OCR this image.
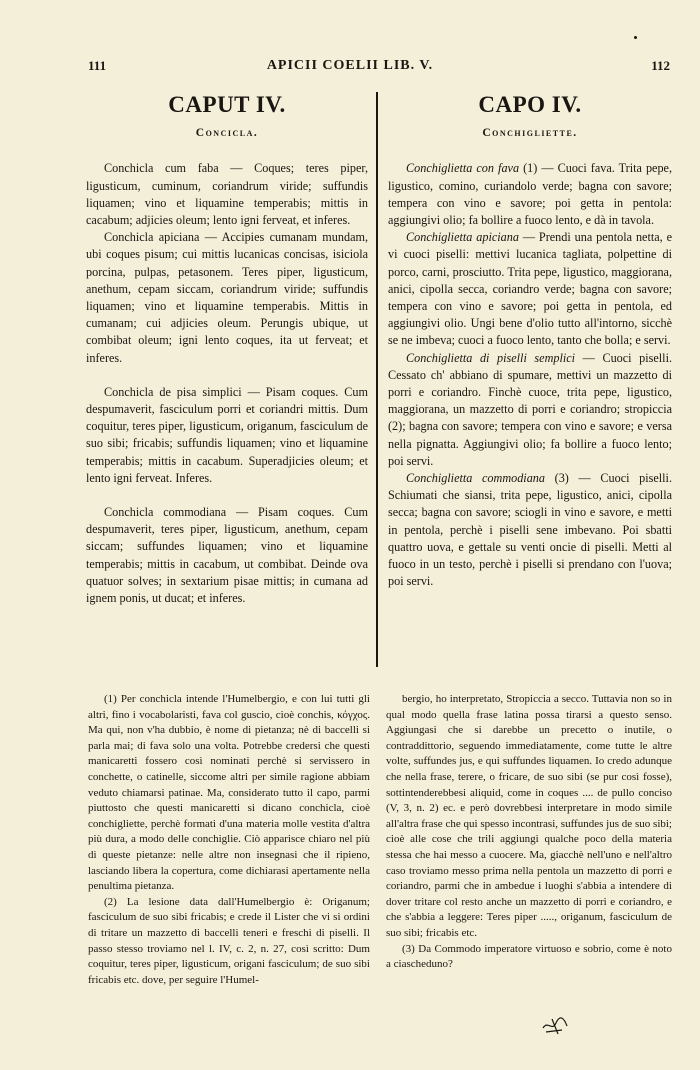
111	APICII COELII LIB. V.	112
CAPUT IV.
Concicla.

Conchicla cum faba — Coques; teres piper, ligusticum, cuminum, coriandrum viride; suffundis liquamen; vino et liquamine temperabis; mittis in cacabum; adjicies oleum; lento igni ferveat, et inferes.

Conchicla apiciana — Accipies cumanam mundam, ubi coques pisum; cui mittis lucanicas concisas, isiciola porcina, pulpas, petasonem. Teres piper, ligusticum, anethum, cepam siccam, coriandrum viride; suffundis liquamen; vino et liquamine temperabis. Mittis in cumanam; cui adjicies oleum. Perungis ubique, ut combibat oleum; igni lento coques, ita ut ferveat; et inferes.

Conchicla de pisa simplici — Pisam coques. Cum despumaverit, fasciculum porri et coriandri mittis. Dum coquitur, teres piper, ligusticum, origanum, fasciculum de suo sibi; fricabis; suffundis liquamen; vino et liquamine temperabis; mittis in cacabum. Superadjicies oleum; et lento igni ferveat. Inferes.

Conchicla commodiana — Pisam coques. Cum despumaverit, teres piper, ligusticum, anethum, cepam siccam; suffundes liquamen; vino et liquamine temperabis; mittis in cacabum, ut combibat. Deinde ova quatuor solves; in sextarium pisae mittis; in cumana ad ignem ponis, ut ducat; et inferes.

CAPO IV.
Conchigliette.

Conchiglietta con fava (1) — Cuoci fava. Trita pepe, ligustico, comino, curiandolo verde; bagna con savore; tempera con vino e savore; poi getta in pentola: aggiungivi olio; fa bollire a fuoco lento, e dà in tavola.

Conchiglietta apiciana — Prendi una pentola netta, e vi cuoci piselli: mettivi lucanica tagliata, polpettine di porco, carni, prosciutto. Trita pepe, ligustico, maggiorana, anici, cipolla secca, coriandro verde; bagna con savore; tempera con vino e savore; poi getta in pentola, ed aggiungivi olio. Ungi bene d'olio tutto all'intorno, sicchè se ne imbeva; cuoci a fuoco lento, tanto che bolla; e servi.

Conchiglietta di piselli semplici — Cuoci piselli. Cessato ch' abbiano di spumare, mettivi un mazzetto di porri e coriandro. Finchè cuoce, trita pepe, ligustico, maggiorana, un mazzetto di porri e coriandro; stropiccia (2); bagna con savore; tempera con vino e savore; e versa nella pignatta. Aggiungivi olio; fa bollire a fuoco lento; poi servi.

Conchiglietta commodiana (3) — Cuoci piselli. Schiumati che siansi, trita pepe, ligustico, anici, cipolla secca; bagna con savore; sciogli in vino e savore, e metti in pentola, perchè i piselli sene imbevano. Poi sbatti quattro uova, e gettale su venti oncie di piselli. Metti al fuoco in un testo, perchè i piselli si prendano con l'uova; poi servi.

(1) Per conchicla intende l'Humelbergio, e con lui tutti gli altri, fino i vocabolaristi, fava col guscio, cioè conchis, κόγχος. Ma qui, non v'ha dubbio, è nome di pietanza; nè di baccelli si parla mai; di fava solo una volta. Potrebbe credersi che questi manicaretti fossero così nominati perchè si servissero in conchette, o catinelle, siccome altri per simile ragione abbiam veduto chiamarsi patinae. Ma, considerato tutto il capo, parmi piuttosto che questi manicaretti si dicano conchicla, cioè conchigliette, perchè formati d'una materia molle vestita d'altra più dura, a modo delle conchiglie. Ciò apparisce chiaro nel più di queste pietanze: nelle altre non insegnasi che il ripieno, lasciando libera la copertura, come dichiarasi apertamente nella penultima pietanza.

(2) La lesione data dall'Humelbergio è: Origanum; fasciculum de suo sibi fricabis; e crede il Lister che vi si ordini di tritare un mazzetto di baccelli teneri e freschi di piselli. Il passo stesso troviamo nel l. IV, c. 2, n. 27, così scritto: Dum coquitur, teres piper, ligusticum, origani fasciculum; de suo sibi fricabis etc. dove, per seguire l'Humel-

bergio, ho interpretato, Stropiccia a secco. Tuttavia non so in qual modo quella frase latina possa tirarsi a questo senso. Aggiungasi che si darebbe un precetto o inutile, o contraddittorio, seguendo immediatamente, come tutte le altre volte, suffundes jus, e qui suffundes liquamen. Io credo adunque che nella frase, terere, o fricare, de suo sibi (se pur così fosse), sottintenderebbesi aliquid, come in coques .... de pullo conciso (V, 3, n. 2) ec. e però dovrebbesi interpretare in modo simile all'altra frase che qui spesso incontrasi, suffundes jus de suo sibi; cioè alle cose che trili aggiungi qualche poco della materia stessa che hai messo a cuocere. Ma, giacchè nell'uno e nell'altro caso troviamo messo prima nella pentola un mazzetto di porri e coriandro, parmi che in ambedue i luoghi s'abbia a intendere di dover tritare col resto anche un mazzetto di porri e coriandro, e che s'abbia a leggere: Teres piper ....., origanum, fasciculum de suo sibi; fricabis etc.

(3) Da Commodo imperatore virtuoso e sobrio, come è noto a ciascheduno?
